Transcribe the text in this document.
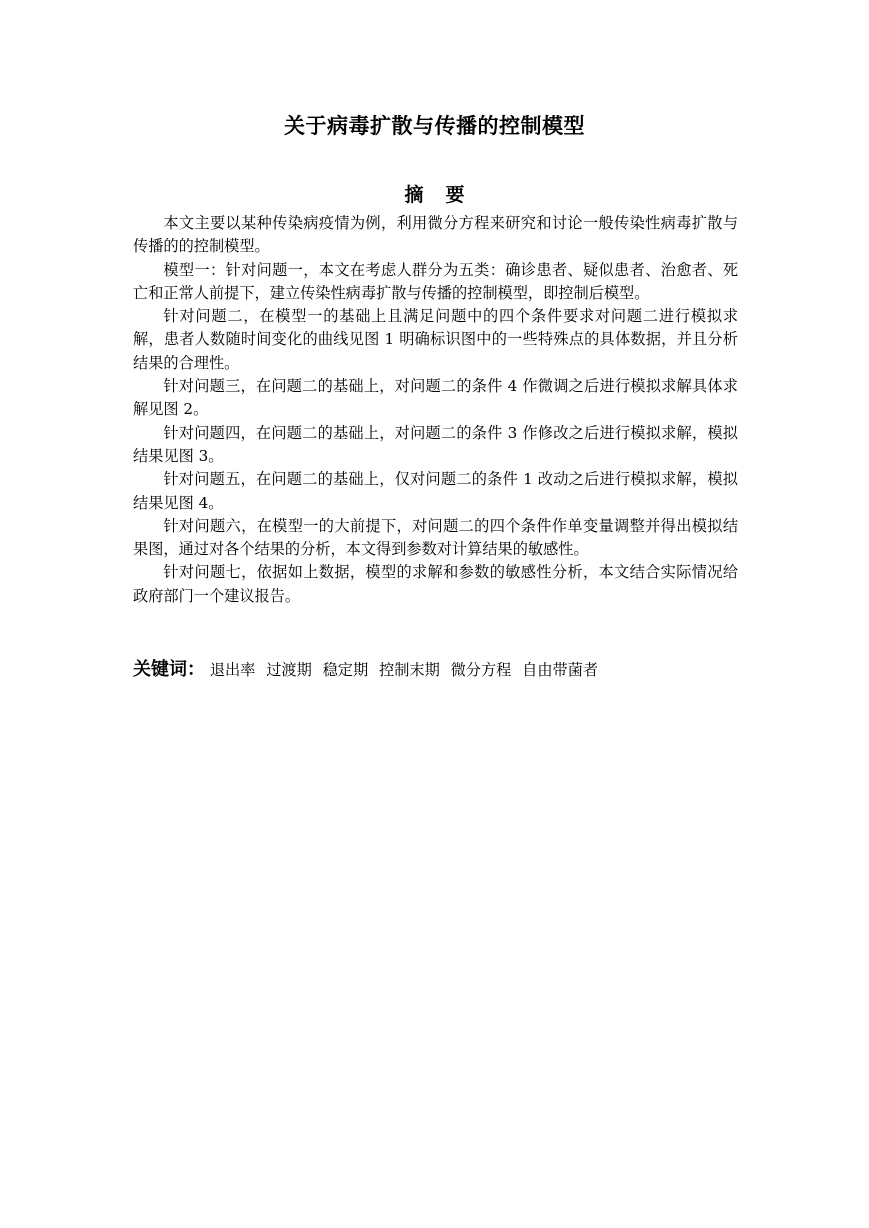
关于病毒扩散与传播的控制模型
摘 要

本文主要以某种传染病疫情为例，利用微分方程来研究和讨论一般传染性病毒扩散与传播的的控制模型。

模型一：针对问题一，本文在考虑人群分为五类：确诊患者、疑似患者、治愈者、死亡和正常人前提下，建立传染性病毒扩散与传播的控制模型，即控制后模型。

针对问题二，在模型一的基础上且满足问题中的四个条件要求对问题二进行模拟求解，患者人数随时间变化的曲线见图 1 明确标识图中的一些特殊点的具体数据，并且分析结果的合理性。

针对问题三，在问题二的基础上，对问题二的条件 4 作微调之后进行模拟求解具体求解见图 2。

针对问题四，在问题二的基础上，对问题二的条件 3 作修改之后进行模拟求解，模拟结果见图 3。

针对问题五，在问题二的基础上，仅对问题二的条件 1 改动之后进行模拟求解，模拟结果见图 4。

针对问题六，在模型一的大前提下，对问题二的四个条件作单变量调整并得出模拟结果图，通过对各个结果的分析，本文得到参数对计算结果的敏感性。

针对问题七，依据如上数据，模型的求解和参数的敏感性分析，本文结合实际情况给政府部门一个建议报告。

关键词： 退出率 过渡期 稳定期 控制末期 微分方程 自由带菌者
